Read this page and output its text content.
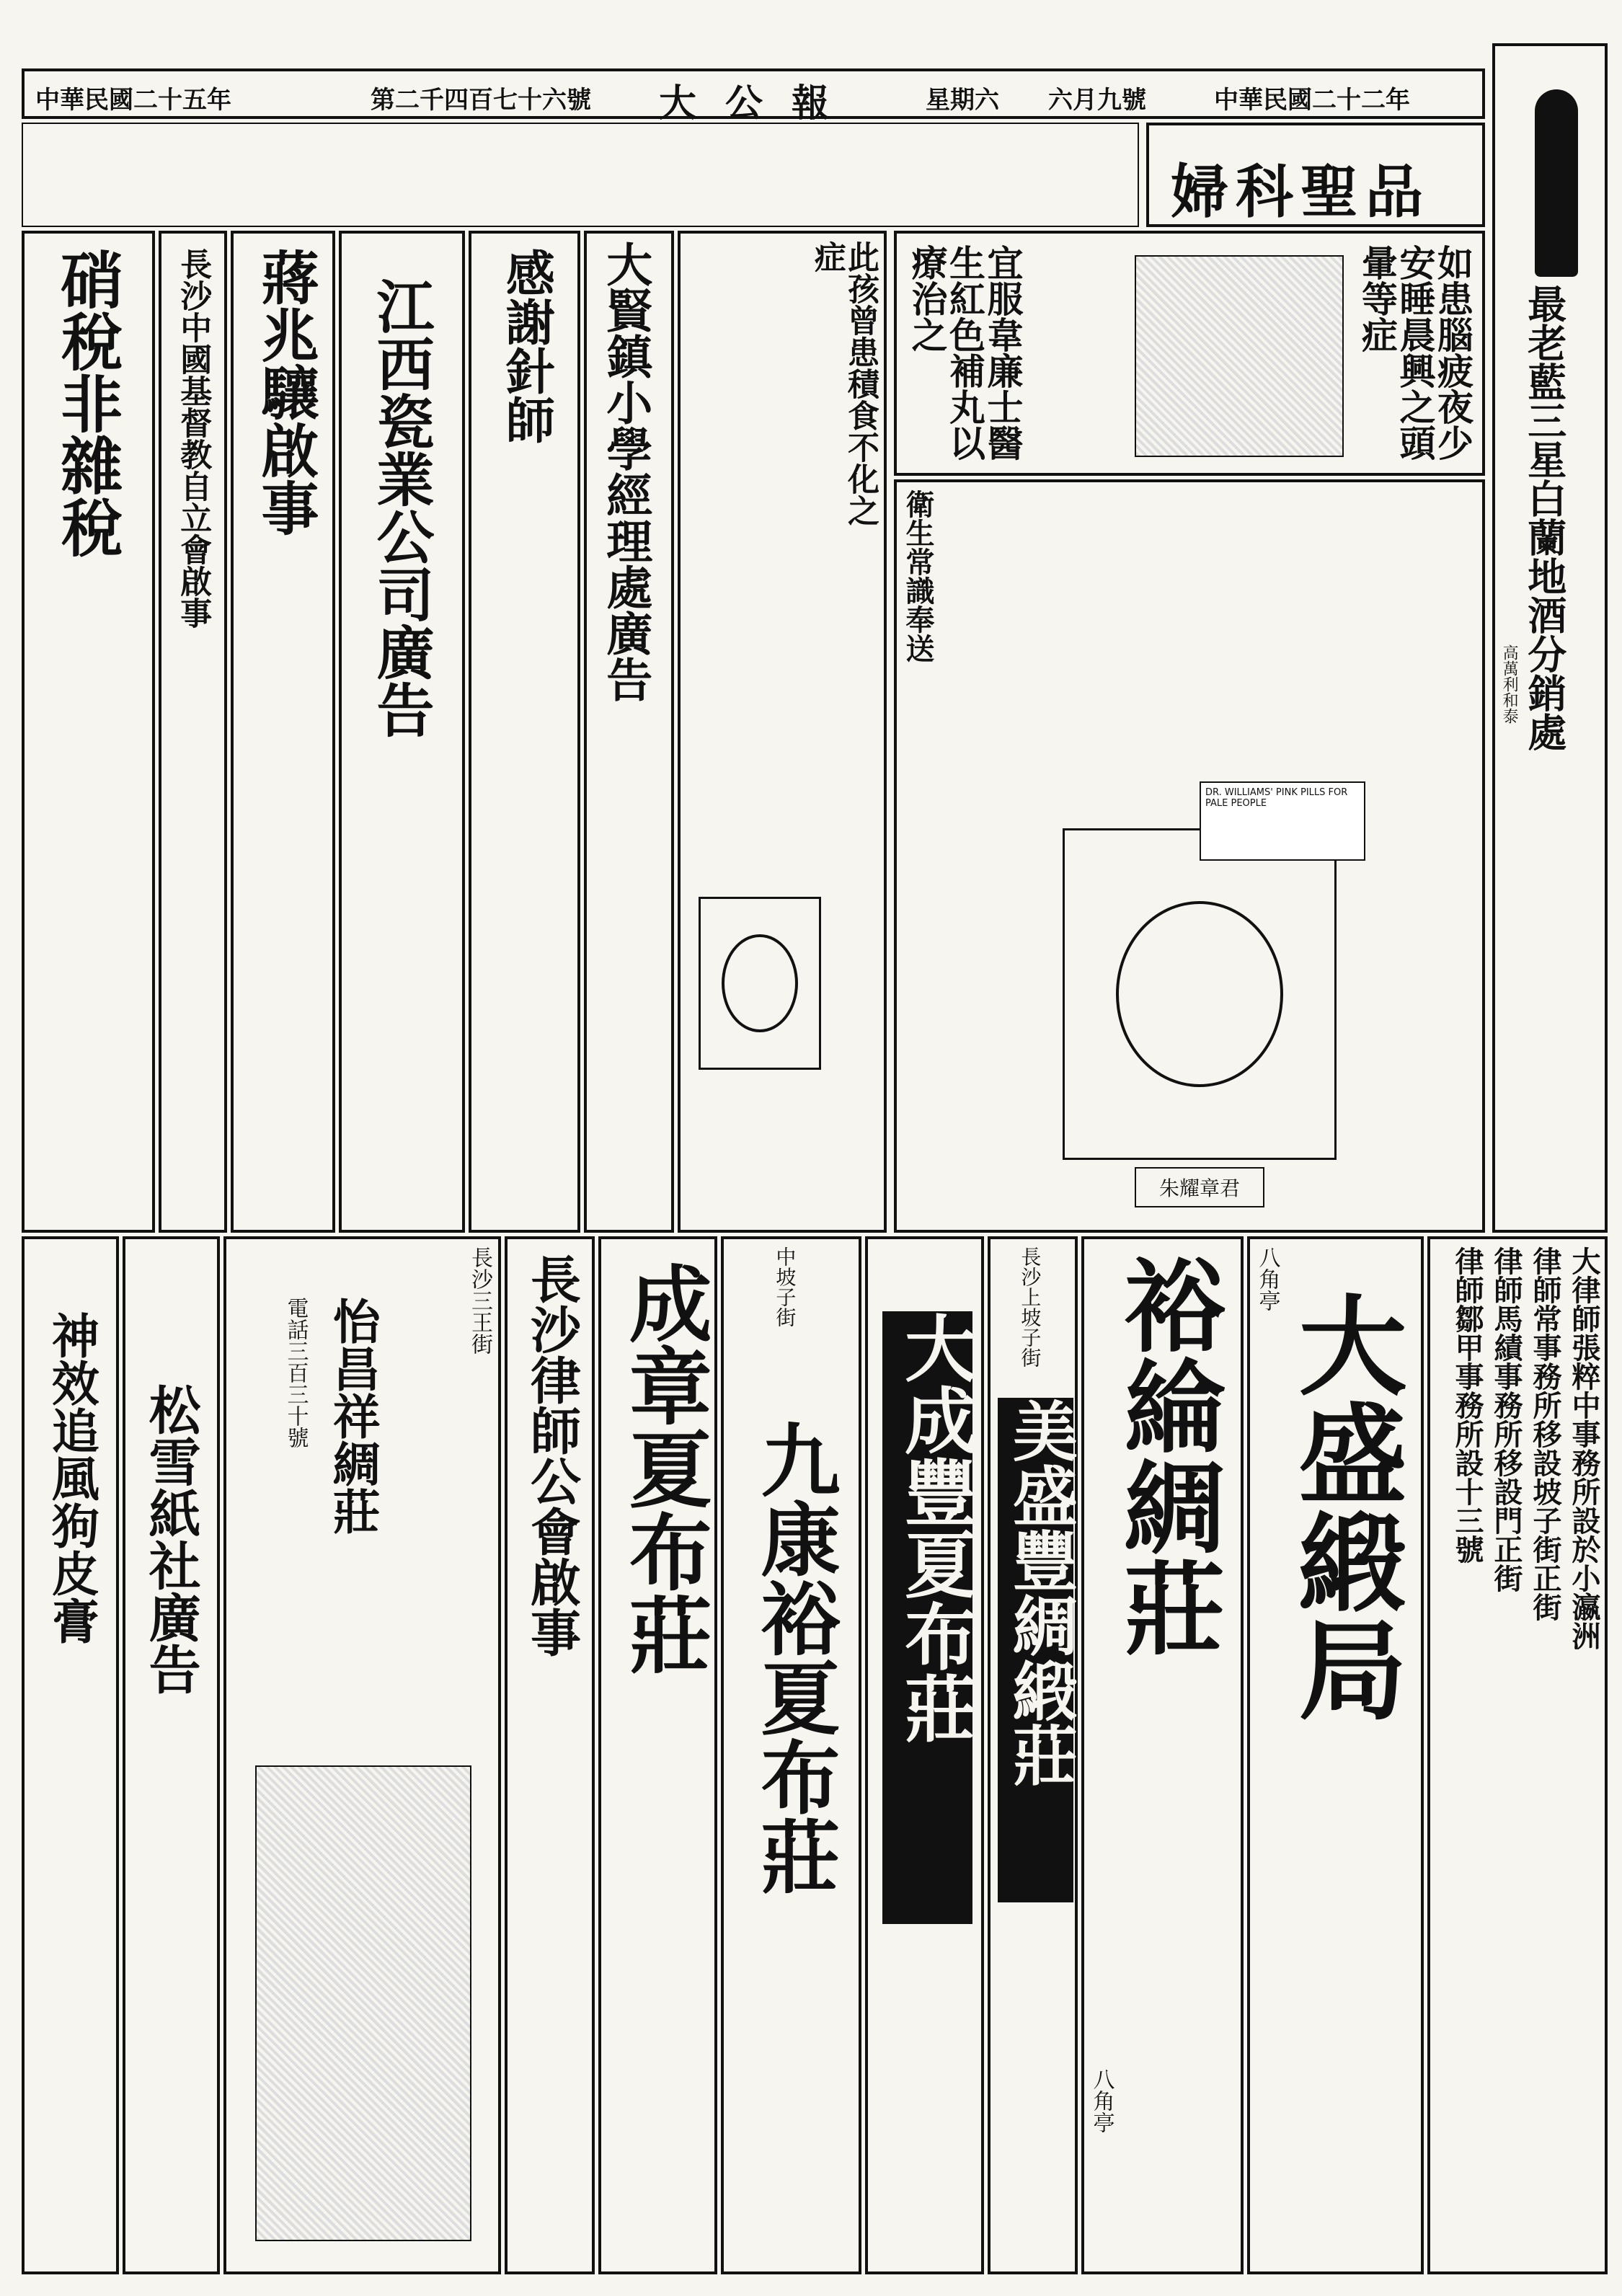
中華民國二十五年	第二千四百七十六號 大公報	星期六 六月九號	中華民國二十二年
婦科聖品
最老藍三星白蘭地酒分銷處
高萬利和泰
如患腦疲夜少安睡晨興之頭暈等症
宜服韋廉士醫生紅色補丸以療治之
衛生常識奉送
朱耀章君
DR. WILLIAMS' PINK PILLS FOR PALE PEOPLE
此孩曾患積食不化之症
大賢鎮小學經理處廣告
感謝針師
江西瓷業公司廣告
蔣兆驤啟事
長沙中國基督教自立會啟事
硝稅非雜稅
大律師張粹中事務所設於小瀛洲
律師常事務所移設坡子街正街
律師馬績事務所移設門正街
律師鄒甲事務所設十三號
大盛緞局
八角亭
裕綸綢莊
八角亭
長沙上坡子街
美盛豐綢緞莊
大成豐夏布莊
中坡子街
九康裕夏布莊
成章夏布莊
長沙律師公會啟事
長沙三王街
怡昌祥綢莊
電話三百三十號
松雪紙社廣告
神效追風狗皮膏
